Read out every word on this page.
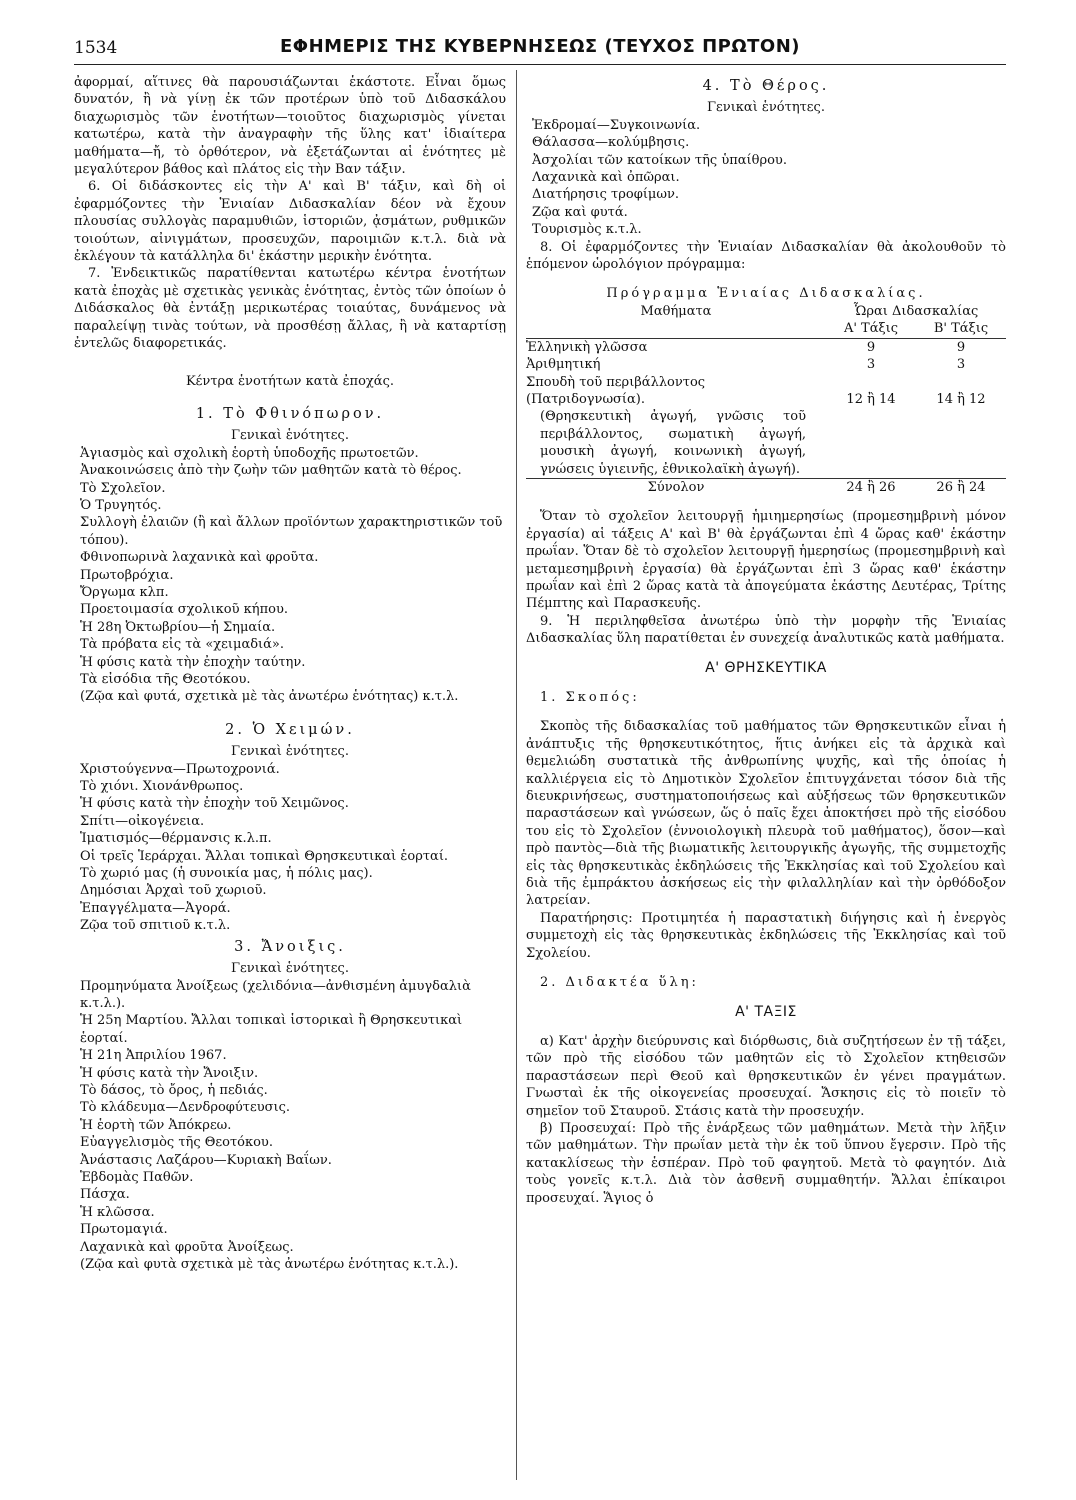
1534	ΕΦΗΜΕΡΙΣ ΤΗΣ ΚΥΒΕΡΝΗΣΕΩΣ (ΤΕΥΧΟΣ ΠΡΩΤΟΝ)

ἀφορμαί, αἵτινες θὰ παρουσιάζωνται ἑκάστοτε. Εἶναι ὅμως δυνατόν, ἢ νὰ γίνῃ ἐκ τῶν προτέρων ὑπὸ τοῦ Διδασκάλου διαχωρισμὸς τῶν ἑνοτήτων—τοιοῦτος διαχωρισμὸς γίνεται κατωτέρω, κατὰ τὴν ἀναγραφὴν τῆς ὕλης κατ' ἰδιαίτερα μαθήματα—ἤ, τὸ ὀρθότερον, νὰ ἐξετάζωνται αἱ ἑνότητες μὲ μεγαλύτερον βάθος καὶ πλάτος εἰς τὴν Βαν τάξιν.

6. Οἱ διδάσκοντες εἰς τὴν Α' καὶ Β' τάξιν, καὶ δὴ οἱ ἐφαρμόζοντες τὴν Ἑνιαίαν Διδασκαλίαν δέον νὰ ἔχουν πλουσίας συλλογὰς παραμυθιῶν, ἱστοριῶν, ᾀσμάτων, ρυθμικῶν τοιούτων, αἰνιγμάτων, προσευχῶν, παροιμιῶν κ.τ.λ. διὰ νὰ ἐκλέγουν τὰ κατάλληλα δι' ἑκάστην μερικὴν ἑνότητα.

7. Ἐνδεικτικῶς παρατίθενται κατωτέρω κέντρα ἑνοτήτων κατὰ ἐποχὰς μὲ σχετικὰς γενικὰς ἑνότητας, ἐντὸς τῶν ὁποίων ὁ Διδάσκαλος θὰ ἐντάξῃ μερικωτέρας τοιαύτας, δυνάμενος νὰ παραλείψῃ τινὰς τούτων, νὰ προσθέσῃ ἄλλας, ἢ νὰ καταρτίσῃ ἐντελῶς διαφορετικάς.

Κέντρα ἑνοτήτων κατὰ ἐποχάς.
1. Τὸ Φθινόπωρον.
Γενικαὶ ἑνότητες.
Ἁγιασμὸς καὶ σχολικὴ ἑορτὴ ὑποδοχῆς πρωτοετῶν.
Ἀνακοινώσεις ἀπὸ τὴν ζωὴν τῶν μαθητῶν κατὰ τὸ θέρος.
Τὸ Σχολεῖον.
Ὁ Τρυγητός.
Συλλογὴ ἐλαιῶν (ἢ καὶ ἄλλων προϊόντων χαρακτηριστικῶν τοῦ τόπου).
Φθινοπωρινὰ λαχανικὰ καὶ φροῦτα.
Πρωτοβρόχια.
Ὄργωμα κλπ.
Προετοιμασία σχολικοῦ κήπου.
Ἡ 28η Ὀκτωβρίου—ἡ Σημαία.
Τὰ πρόβατα εἰς τὰ «χειμαδιά».
Ἡ φύσις κατὰ τὴν ἐποχὴν ταύτην.
Τὰ εἰσόδια τῆς Θεοτόκου.
(Ζῷα καὶ φυτά, σχετικὰ μὲ τὰς ἀνωτέρω ἑνότητας) κ.τ.λ.
2. Ὁ Χειμών.
Γενικαὶ ἑνότητες.
Χριστούγεννα—Πρωτοχρονιά.
Τὸ χιόνι. Χιονάνθρωπος.
Ἡ φύσις κατὰ τὴν ἐποχὴν τοῦ Χειμῶνος.
Σπίτι—οἰκογένεια.
Ἱματισμός—θέρμανσις κ.λ.π.
Οἱ τρεῖς Ἱεράρχαι. Ἄλλαι τοπικαὶ Θρησκευτικαὶ ἑορταί.
Τὸ χωριό μας (ἡ συνοικία μας, ἡ πόλις μας).
Δημόσιαι Ἀρχαὶ τοῦ χωριοῦ.
Ἐπαγγέλματα—Ἀγορά.
Ζῷα τοῦ σπιτιοῦ κ.τ.λ.
3. Ἄνοιξις.
Γενικαὶ ἑνότητες.
Προμηνύματα Ἀνοίξεως (χελιδόνια—ἀνθισμένη ἀμυγδαλιὰ κ.τ.λ.).
Ἡ 25η Μαρτίου. Ἄλλαι τοπικαὶ ἱστορικαὶ ἢ Θρησκευτικαὶ ἑορταί.
Ἡ 21η Ἀπριλίου 1967.
Ἡ φύσις κατὰ τὴν Ἄνοιξιν.
Τὸ δάσος, τὸ ὄρος, ἡ πεδιάς.
Τὸ κλάδευμα—Δενδροφύτευσις.
Ἡ ἑορτὴ τῶν Ἀπόκρεω.
Εὐαγγελισμὸς τῆς Θεοτόκου.
Ἀνάστασις Λαζάρου—Κυριακὴ Βαΐων.
Ἑβδομὰς Παθῶν.
Πάσχα.
Ἡ κλῶσσα.
Πρωτομαγιά.
Λαχανικὰ καὶ φροῦτα Ἀνοίξεως.
(Ζῷα καὶ φυτὰ σχετικὰ μὲ τὰς ἀνωτέρω ἑνότητας κ.τ.λ.).
4. Τὸ Θέρος.
Γενικαὶ ἑνότητες.
Ἐκδρομαί—Συγκοινωνία.
Θάλασσα—κολύμβησις.
Ἀσχολίαι τῶν κατοίκων τῆς ὑπαίθρου.
Λαχανικὰ καὶ ὀπῶραι.
Διατήρησις τροφίμων.
Ζῷα καὶ φυτά.
Τουρισμὸς κ.τ.λ.

8. Οἱ ἐφαρμόζοντες τὴν Ἑνιαίαν Διδασκαλίαν θὰ ἀκολουθοῦν τὸ ἑπόμενον ὡρολόγιον πρόγραμμα:

Πρόγραμμα Ἑνιαίας Διδασκαλίας.
Μαθήματα	Ὧραι Διδασκαλίας	
	Α' Τάξις	Β' Τάξις
Ἑλληνικὴ γλῶσσα	9	9
Ἀριθμητική	3	3
Σπουδὴ τοῦ περιβάλλοντος (Πατριδογνωσία).	12 ἢ 14	14 ἢ 12
(Θρησκευτικὴ ἀγωγή, γνῶσις τοῦ περιβάλλοντος, σωματικὴ ἀγωγή, μουσικὴ ἀγωγή, κοινωνικὴ ἀγωγή, γνώσεις ὑγιεινῆς, ἐθνικολαϊκὴ ἀγωγή).		
Σύνολον	24 ἢ 26	26 ἢ 24

Ὅταν τὸ σχολεῖον λειτουργῇ ἡμιημερησίως (προμεσημβρινὴ μόνον ἐργασία) αἱ τάξεις Α' καὶ Β' θὰ ἐργάζωνται ἐπὶ 4 ὥρας καθ' ἑκάστην πρωΐαν. Ὅταν δὲ τὸ σχολεῖον λειτουργῇ ἡμερησίως (προμεσημβρινὴ καὶ μεταμεσημβρινὴ ἐργασία) θὰ ἐργάζωνται ἐπὶ 3 ὥρας καθ' ἑκάστην πρωΐαν καὶ ἐπὶ 2 ὥρας κατὰ τὰ ἀπογεύματα ἑκάστης Δευτέρας, Τρίτης Πέμπτης καὶ Παρασκευῆς.

9. Ἡ περιληφθεῖσα ἀνωτέρω ὑπὸ τὴν μορφὴν τῆς Ἑνιαίας Διδασκαλίας ὕλη παρατίθεται ἐν συνεχείᾳ ἀναλυτικῶς κατὰ μαθήματα.

Α' ΘΡΗΣΚΕΥΤΙΚΑ
1. Σκοπός:

Σκοπὸς τῆς διδασκαλίας τοῦ μαθήματος τῶν Θρησκευτικῶν εἶναι ἡ ἀνάπτυξις τῆς θρησκευτικότητος, ἥτις ἀνήκει εἰς τὰ ἀρχικὰ καὶ θεμελιώδη συστατικὰ τῆς ἀνθρωπίνης ψυχῆς, καὶ τῆς ὁποίας ἡ καλλιέργεια εἰς τὸ Δημοτικὸν Σχολεῖον ἐπιτυγχάνεται τόσον διὰ τῆς διευκρινήσεως, συστηματοποιήσεως καὶ αὐξήσεως τῶν θρησκευτικῶν παραστάσεων καὶ γνώσεων, ὥς ὁ παῖς ἔχει ἀποκτήσει πρὸ τῆς εἰσόδου του εἰς τὸ Σχολεῖον (ἐννοιολογικὴ πλευρὰ τοῦ μαθήματος), ὅσον—καὶ πρὸ παντὸς—διὰ τῆς βιωματικῆς λειτουργικῆς ἀγωγῆς, τῆς συμμετοχῆς εἰς τὰς θρησκευτικὰς ἐκδηλώσεις τῆς Ἐκκλησίας καὶ τοῦ Σχολείου καὶ διὰ τῆς ἐμπράκτου ἀσκήσεως εἰς τὴν φιλαλληλίαν καὶ τὴν ὀρθόδοξον λατρείαν.

Παρατήρησις: Προτιμητέα ἡ παραστατικὴ διήγησις καὶ ἡ ἐνεργὸς συμμετοχὴ εἰς τὰς θρησκευτικὰς ἐκδηλώσεις τῆς Ἐκκλησίας καὶ τοῦ Σχολείου.

2. Διδακτέα ὕλη:
Α' ΤΑΞΙΣ

α) Κατ' ἀρχὴν διεύρυνσις καὶ διόρθωσις, διὰ συζητήσεων ἐν τῇ τάξει, τῶν πρὸ τῆς εἰσόδου τῶν μαθητῶν εἰς τὸ Σχολεῖον κτηθεισῶν παραστάσεων περὶ Θεοῦ καὶ θρησκευτικῶν ἐν γένει πραγμάτων. Γνωσταὶ ἐκ τῆς οἰκογενείας προσευχαί. Ἄσκησις εἰς τὸ ποιεῖν τὸ σημεῖον τοῦ Σταυροῦ. Στάσις κατὰ τὴν προσευχήν.

β) Προσευχαί: Πρὸ τῆς ἐνάρξεως τῶν μαθημάτων. Μετὰ τὴν λῆξιν τῶν μαθημάτων. Τὴν πρωΐαν μετὰ τὴν ἐκ τοῦ ὕπνου ἔγερσιν. Πρὸ τῆς κατακλίσεως τὴν ἑσπέραν. Πρὸ τοῦ φαγητοῦ. Μετὰ τὸ φαγητόν. Διὰ τοὺς γονεῖς κ.τ.λ. Διὰ τὸν ἀσθενῆ συμμαθητήν. Ἄλλαι ἐπίκαιροι προσευχαί. Ἅγιος ὁ
